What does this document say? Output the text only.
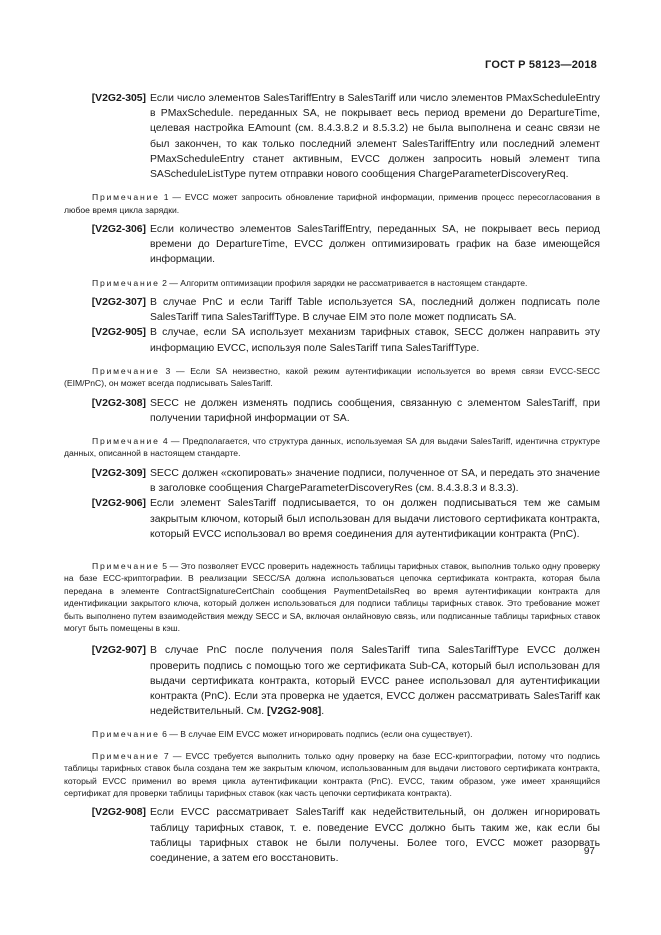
ГОСТ Р 58123—2018
[V2G2-305] Если число элементов SalesTariffEntry в SalesTariff или число элементов PMaxScheduleEntry в PMaxSchedule. переданных SA, не покрывает весь период времени до DepartureTime, целевая настройка EAmount (см. 8.4.3.8.2 и 8.5.3.2) не была выполнена и сеанс связи не был закончен, то как только последний элемент SalesTariffEntry или последний элемент PMaxScheduleEntry станет активным, EVCC должен запросить новый элемент типа SAScheduleListType путем отправки нового сообщения ChargeParameterDiscoveryReq.
Примечание 1 — EVCC может запросить обновление тарифной информации, применив процесс пересогласования в любое время цикла зарядки.
[V2G2-306] Если количество элементов SalesTariffEntry, переданных SA, не покрывает весь период времени до DepartureTime, EVCC должен оптимизировать график на базе имеющейся информации.
Примечание 2 — Алгоритм оптимизации профиля зарядки не рассматривается в настоящем стандарте.
[V2G2-307] В случае PnC и если Tariff Table используется SA, последний должен подписать поле SalesTariff типа SalesTariffType. В случае EIM это поле может подписать SA.
[V2G2-905] В случае, если SA использует механизм тарифных ставок, SECC должен направить эту информацию EVCC, используя поле SalesTariff типа SalesTariffType.
Примечание 3 — Если SA неизвестно, какой режим аутентификации используется во время связи EVCC-SECC (EIM/PnC), он может всегда подписывать SalesTariff.
[V2G2-308] SECC не должен изменять подпись сообщения, связанную с элементом SalesTariff, при получении тарифной информации от SA.
Примечание 4 — Предполагается, что структура данных, используемая SA для выдачи SalesTariff, идентична структуре данных, описанной в настоящем стандарте.
[V2G2-309] SECC должен «скопировать» значение подписи, полученное от SA, и передать это значение в заголовке сообщения ChargeParameterDiscoveryRes (см. 8.4.3.8.3 и 8.3.3).
[V2G2-906] Если элемент SalesTariff подписывается, то он должен подписываться тем же самым закрытым ключом, который был использован для выдачи листового сертификата контракта, который EVCC использовал во время соединения для аутентификации контракта (PnC).
Примечание 5 — Это позволяет EVCC проверить надежность таблицы тарифных ставок, выполнив только одну проверку на базе ECC-криптографии. В реализации SECC/SA должна использоваться цепочка сертификата контракта, которая была передана в элементе ContractSignatureCertChain сообщения PaymentDetailsReq во время аутентификации контракта для идентификации закрытого ключа, который должен использоваться для подписи таблицы тарифных ставок. Это требование может быть выполнено путем взаимодействия между SECC и SA, включая онлайновую связь, или подписанные таблицы тарифных ставок могут быть помещены в кэш.
[V2G2-907] В случае PnC после получения поля SalesTariff типа SalesTariffType EVCC должен проверить подпись с помощью того же сертификата Sub-CA, который был использован для выдачи сертификата контракта, который EVCC ранее использовал для аутентификации контракта (PnC). Если эта проверка не удается, EVCC должен рассматривать SalesTariff как недействительный. См. [V2G2-908].
Примечание 6 — В случае EIM EVCC может игнорировать подпись (если она существует).
Примечание 7 — EVCC требуется выполнить только одну проверку на базе ECC-криптографии, потому что подпись таблицы тарифных ставок была создана тем же закрытым ключом, использованным для выдачи листового сертификата контракта, который EVCC применил во время цикла аутентификации контракта (PnC). EVCC, таким образом, уже имеет хранящийся сертификат для проверки таблицы тарифных ставок (как часть цепочки сертификата контракта).
[V2G2-908] Если EVCC рассматривает SalesTariff как недействительный, он должен игнорировать таблицу тарифных ставок, т. е. поведение EVCC должно быть таким же, как если бы таблицы тарифных ставок не были получены. Более того, EVCC может разорвать соединение, а затем его восстановить.
97
